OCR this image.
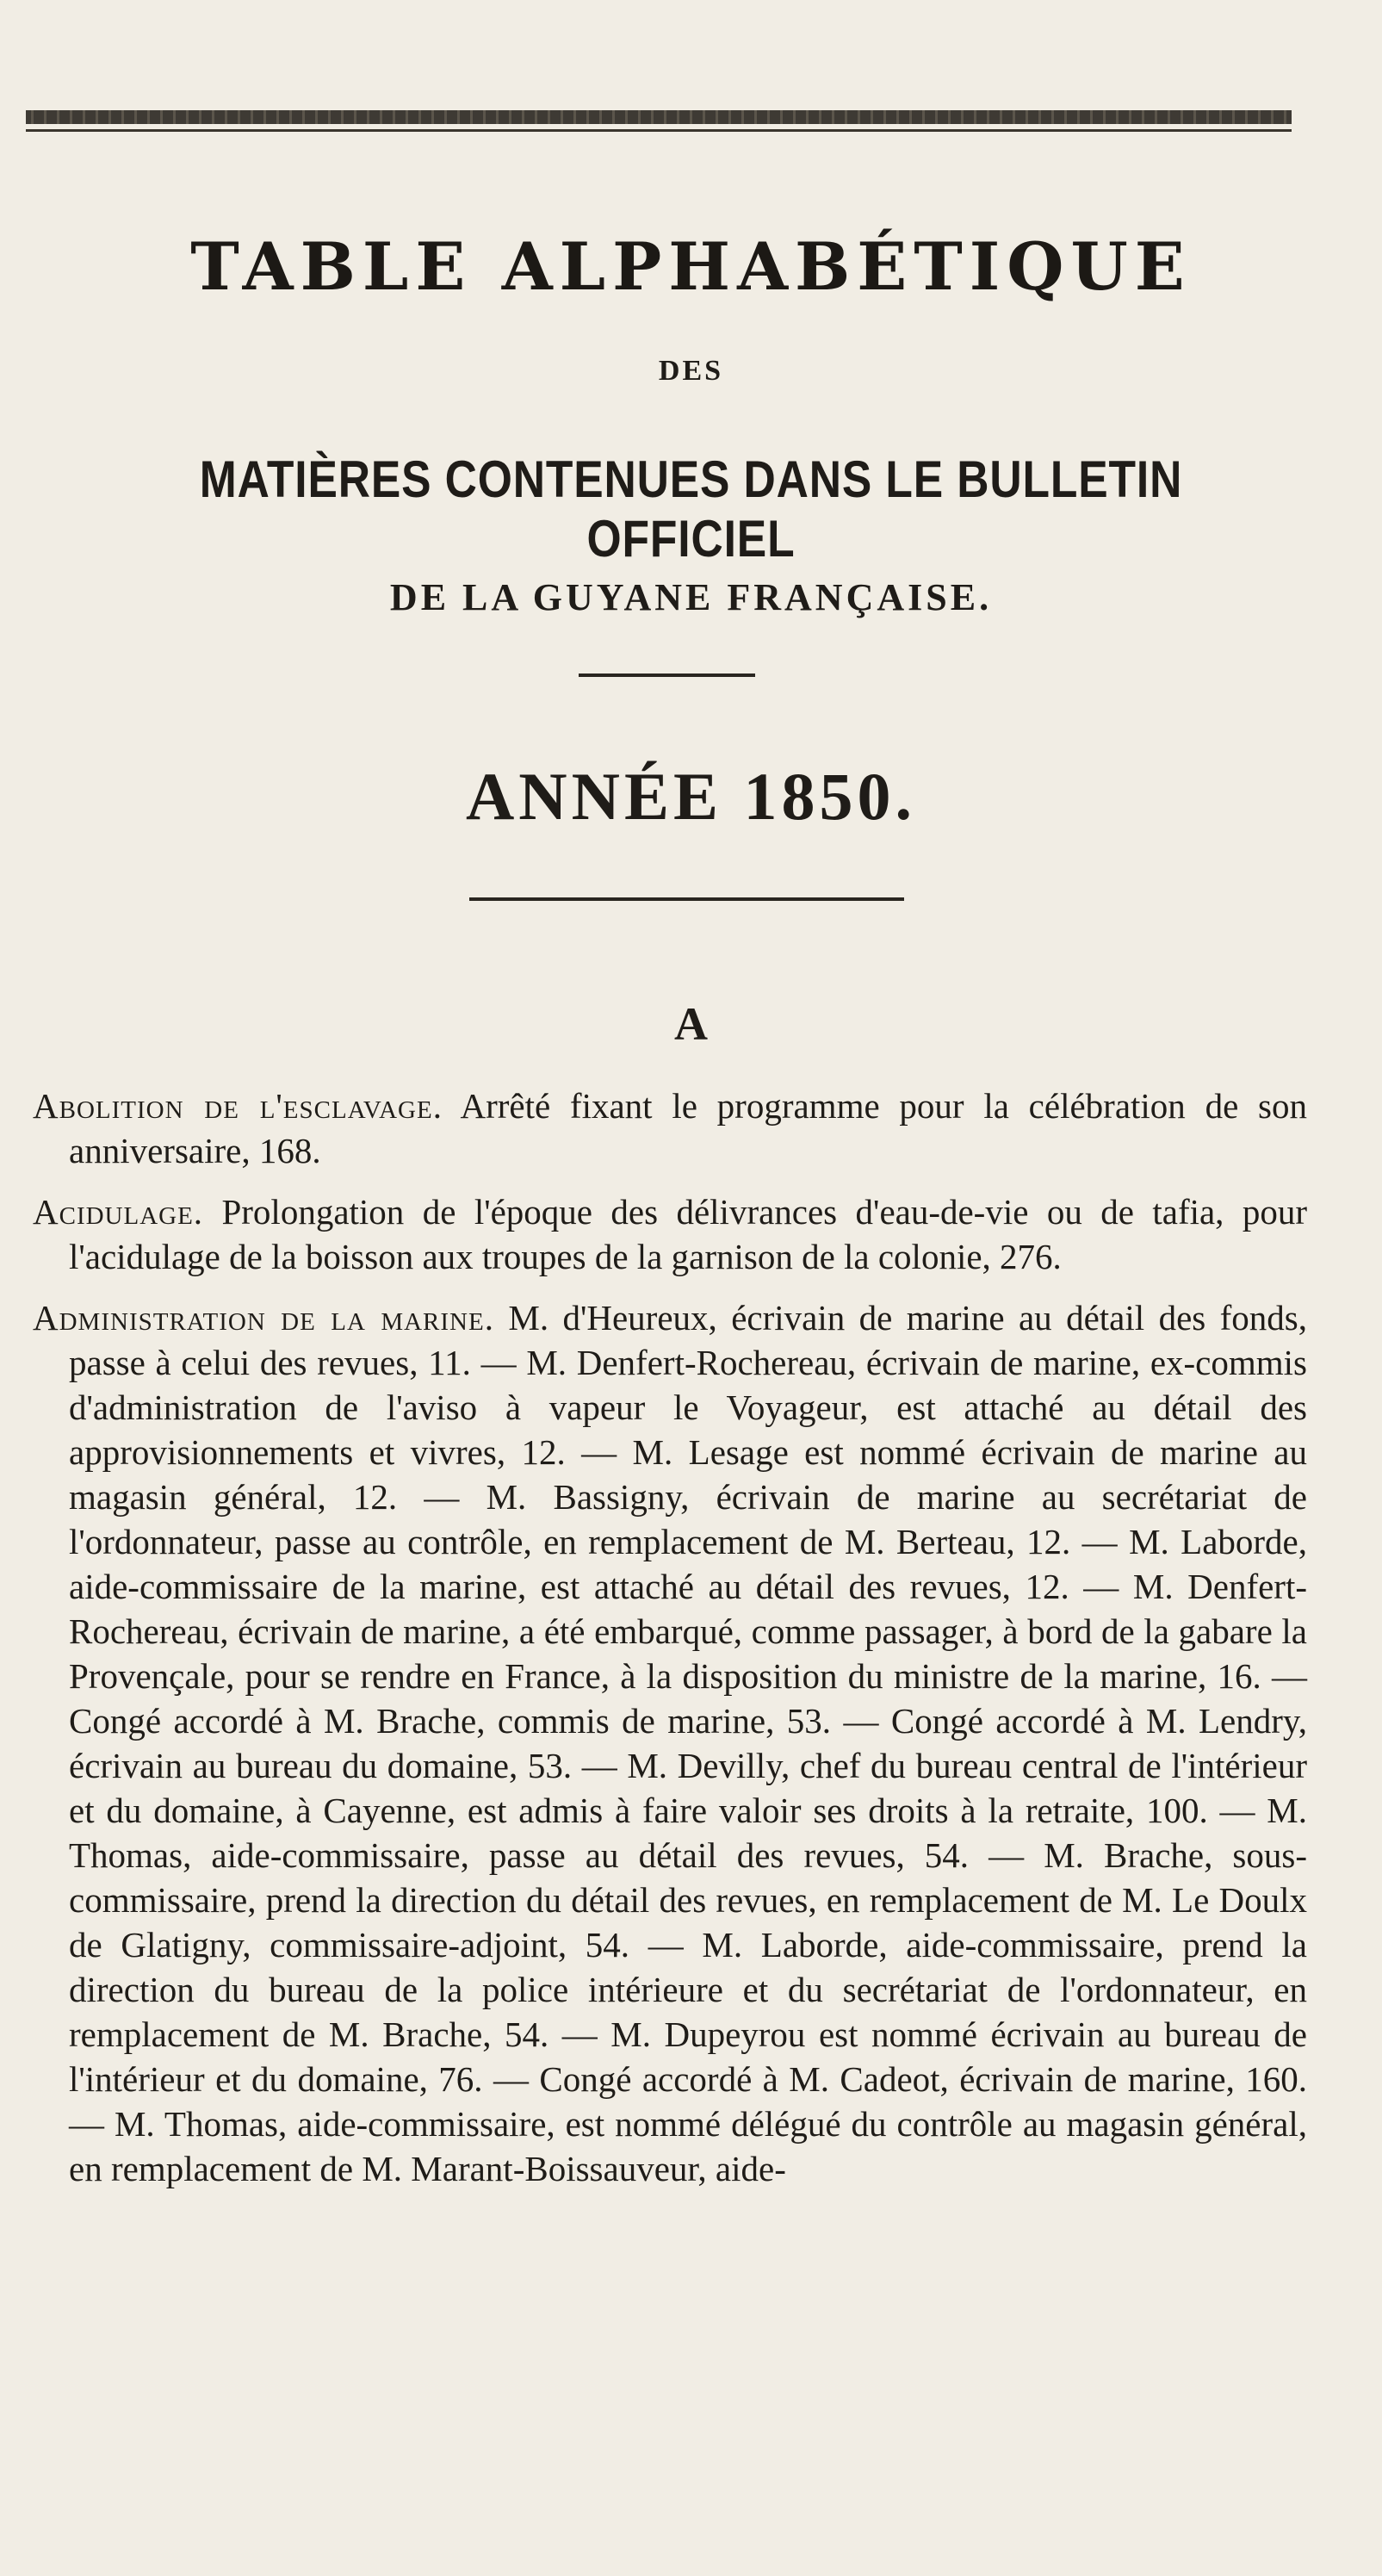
TABLE ALPHABÉTIQUE
DES
MATIÈRES CONTENUES DANS LE BULLETIN OFFICIEL
DE LA GUYANE FRANÇAISE.
ANNÉE 1850.
A

Abolition de l'esclavage. Arrêté fixant le programme pour la célébration de son anniversaire, 168.

Acidulage. Prolongation de l'époque des délivrances d'eau-de-vie ou de tafia, pour l'acidulage de la boisson aux troupes de la garnison de la colonie, 276.

Administration de la marine. M. d'Heureux, écrivain de marine au détail des fonds, passe à celui des revues, 11. — M. Denfert-Rochereau, écrivain de marine, ex-commis d'administration de l'aviso à vapeur le Voyageur, est attaché au détail des approvisionnements et vivres, 12. — M. Lesage est nommé écrivain de marine au magasin général, 12. — M. Bassigny, écrivain de marine au secrétariat de l'ordonnateur, passe au contrôle, en remplacement de M. Berteau, 12. — M. Laborde, aide-commissaire de la marine, est attaché au détail des revues, 12. — M. Denfert-Rochereau, écrivain de marine, a été embarqué, comme passager, à bord de la gabare la Provençale, pour se rendre en France, à la disposition du ministre de la marine, 16. — Congé accordé à M. Brache, commis de marine, 53. — Congé accordé à M. Lendry, écrivain au bureau du domaine, 53. — M. Devilly, chef du bureau central de l'intérieur et du domaine, à Cayenne, est admis à faire valoir ses droits à la retraite, 100. — M. Thomas, aide-commissaire, passe au détail des revues, 54. — M. Brache, sous-commissaire, prend la direction du détail des revues, en remplacement de M. Le Doulx de Glatigny, commissaire-adjoint, 54. — M. Laborde, aide-commissaire, prend la direction du bureau de la police intérieure et du secrétariat de l'ordonnateur, en remplacement de M. Brache, 54. — M. Dupeyrou est nommé écrivain au bureau de l'intérieur et du domaine, 76. — Congé accordé à M. Cadeot, écrivain de marine, 160. — M. Thomas, aide-commissaire, est nommé délégué du contrôle au magasin général, en remplacement de M. Marant-Boissauveur, aide-
